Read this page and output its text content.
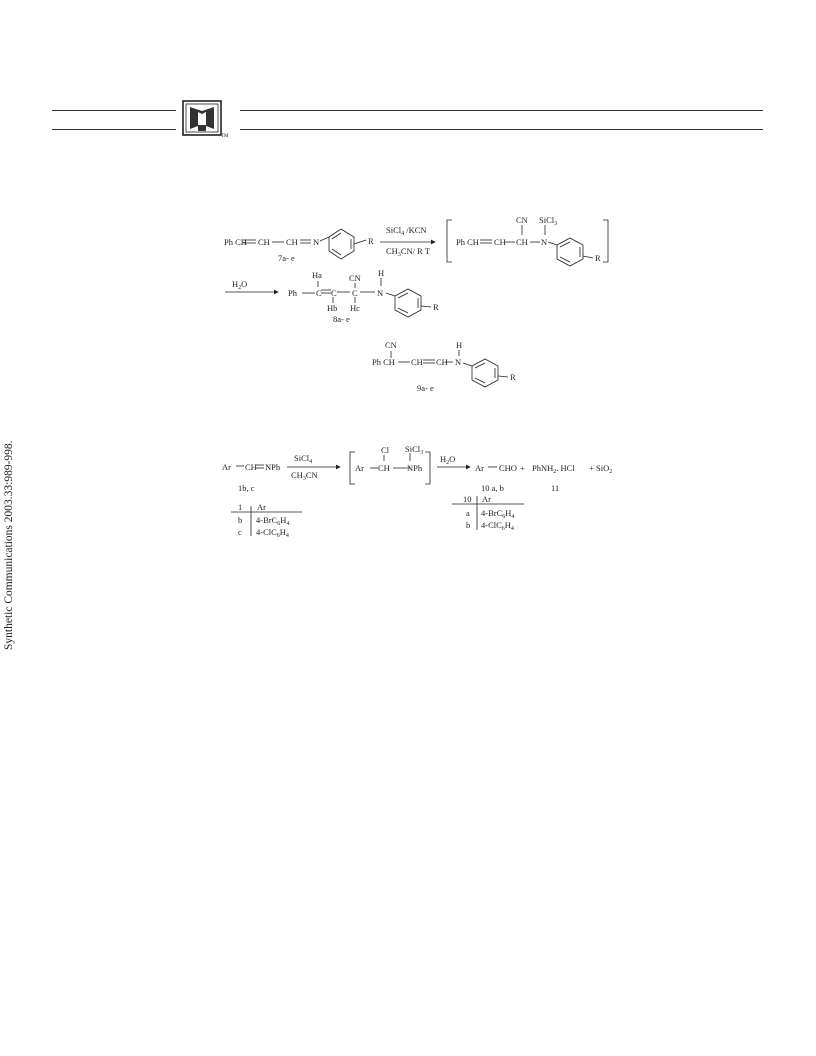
TM
Synthetic Communications 2003.33:989-998.
Ph CH CH CH N	R
7a- e
SiCl$_4$ /KCN
$CH_3CN/$ R T
Ph CH CH CH
CN
N
SiCl$_3$
R
$H_2O$
Ph C C C
Ha
Hb Hc
CN H
N
R
8a- e
Ph CH CH CH
CN	H
N
R
9a- e
Ar CH NPh
1b, c
SiCl$_4$
$CH_3CN$
Ar CH NPh
Cl SiCl$_3$
$H_2O$
Ar CHO + PhNH$_2$. HCl + SiO$_2$
10 a, b	11
1 Ar
b $4-BrC_6H_4$
c $4-ClC_6H_4$
10 Ar
a $4-BrC_6H_4$
b $4-ClC_6H_4$
